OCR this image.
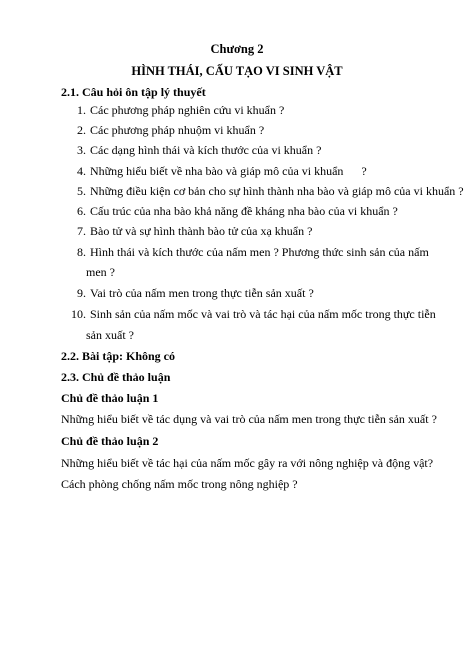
Chương 2
HÌNH THÁI, CẤU TẠO VI SINH VẬT
2.1. Câu hỏi ôn tập lý thuyết
1. Các phương pháp nghiên cứu vi khuẩn ?
2. Các phương pháp nhuộm vi khuẩn ?
3. Các dạng hình thái và kích thước của vi khuẩn ?
4. Những hiểu biết về nha bào và giáp mô của vi khuẩn      ?
5. Những điều kiện cơ bản cho sự hình thành nha bào và giáp mô của vi khuẩn ?
6. Cấu trúc của nha bào khả năng đề kháng nha bào của vi khuẩn ?
7. Bào tử và sự hình thành bào tử của xạ khuẩn ?
8. Hình thái và kích thước của nấm men ? Phương thức sinh sản của nấm
men ?
9. Vai trò của nấm men trong thực tiễn sản xuất ?
10. Sinh sản của nấm mốc và vai trò và tác hại của nấm mốc trong thực tiễn
sản xuất ?
2.2. Bài tập: Không có
2.3. Chủ đề thảo luận
Chủ đề thảo luận 1
Những hiểu biết về tác dụng và vai trò của nấm men trong thực tiễn sản xuất ?
Chủ đề thảo luận 2
Những hiểu biết về tác hại của nấm mốc gây ra với nông nghiệp và động vật?
Cách phòng chống nấm mốc trong nông nghiệp ?
